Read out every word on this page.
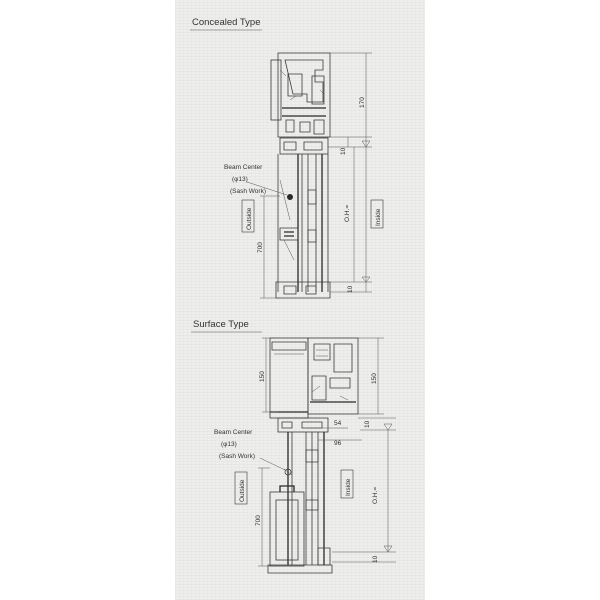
Concealed Type
Beam Center
(φ13)
(Sash Work)
Outside	Inside
170
10
O.H.=
700
10
Surface Type
Beam Center
(φ13)
(Sash Work)
Outside	Inside
150	150
54
96
10
O.H.=
700
10
